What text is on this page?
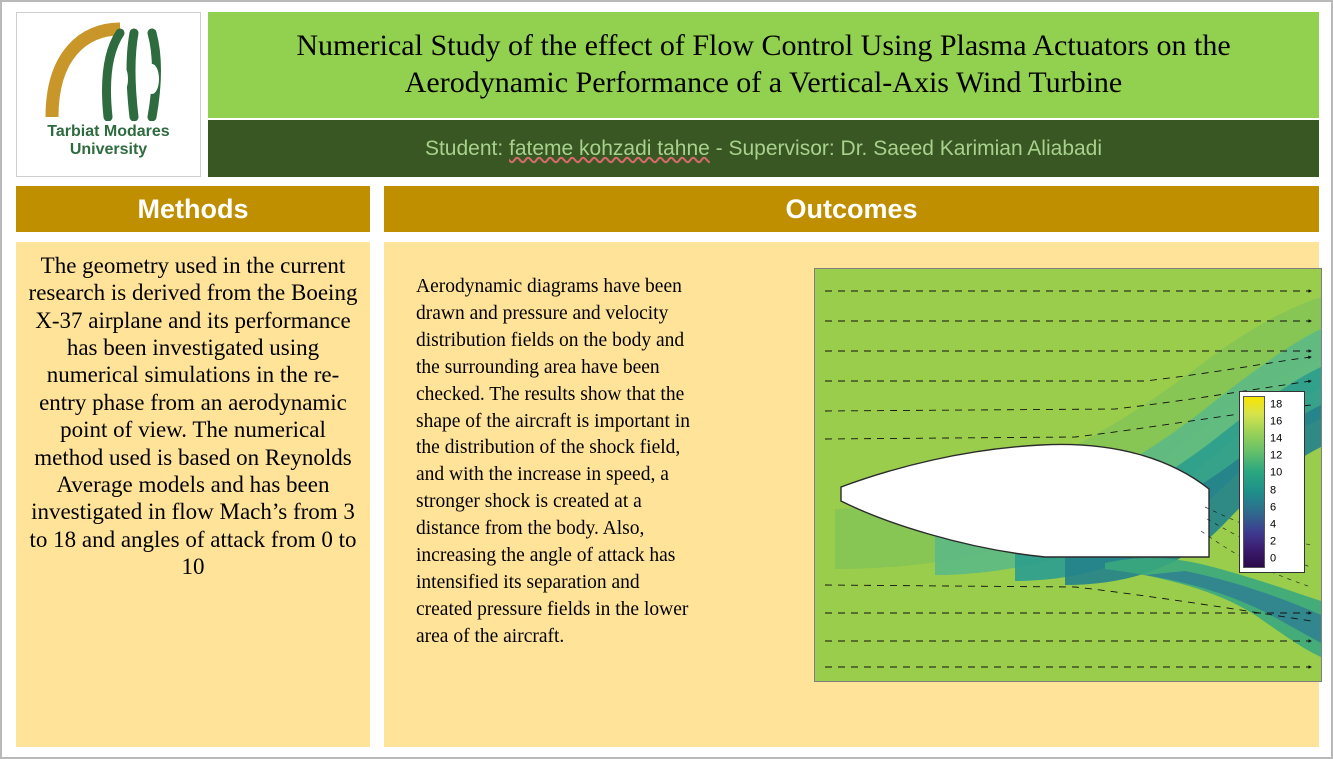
Tarbiat Modares
University
Numerical Study of the effect of Flow Control Using Plasma Actuators on the Aerodynamic Performance of a Vertical-Axis Wind Turbine
Student: fateme kohzadi tahne - Supervisor: Dr. Saeed Karimian Aliabadi
Methods	Outcomes
The geometry used in the current research is derived from the Boeing X-37 airplane and its performance has been investigated using numerical simulations in the re-entry phase from an aerodynamic point of view. The numerical method used is based on Reynolds Average models and has been investigated in flow Mach’s from 3 to 18 and angles of attack from 0 to 10
Aerodynamic diagrams have been drawn and pressure and velocity distribution fields on the body and the surrounding area have been checked. The results show that the shape of the aircraft is important in the distribution of the shock field, and with the increase in speed, a stronger shock is created at a distance from the body. Also, increasing the angle of attack has intensified its separation and created pressure fields in the lower area of the aircraft.
18
16
14
12
10
8
6
4
2
0
